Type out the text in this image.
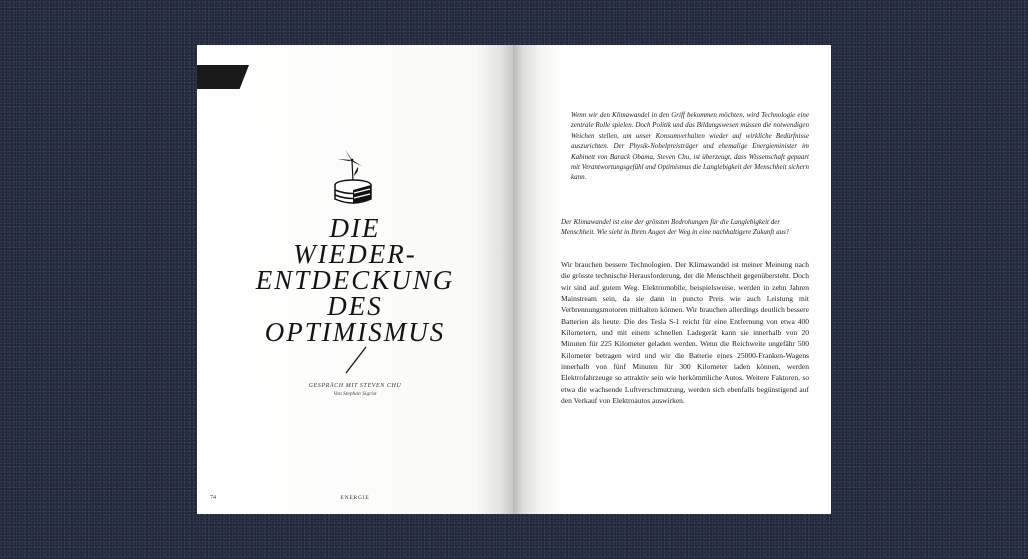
DIE
WIEDER-
ENTDECKUNG
DES
OPTIMISMUS
GESPRÄCH MIT STEVEN CHU
Von Stephan Sigrist
74	ENERGIE
Wenn wir den Klimawandel in den Griff bekommen möchten, wird Technologie eine zentrale Rolle spielen. Doch Politik und das Bildungswesen müssen die notwendigen Weichen stellen, um unser Konsumverhalten wieder auf wirkliche Bedürfnisse auszurichten. Der Physik-Nobelpreisträger und ehemalige Energieminister im Kabinett von Barack Obama, Steven Chu, ist überzeugt, dass Wissenschaft gepaart mit Verantwortungsgefühl und Optimismus die Langlebigkeit der Menschheit sichern kann.
Der Klimawandel ist eine der grössten Bedrohungen für die Langlebigkeit der Menschheit. Wie sieht in Ihren Augen der Weg in eine nachhaltigere Zukunft aus?
Wir brauchen bessere Technologien. Der Klimawandel ist meiner Meinung nach die grösste technische Herausforderung, der die Menschheit gegenübersteht. Doch wir sind auf gutem Weg. Elektromobile, beispielsweise, werden in zehn Jahren Mainstream sein, da sie dann in puncto Preis wie auch Leistung mit Verbrennungsmotoren mithalten können. Wir brauchen allerdings deutlich bessere Batterien als heute. Die des Tesla S-1 reicht für eine Entfernung von etwa 400 Kilometern, und mit einem schnellen Ladegerät kann sie innerhalb von 20 Minuten für 225 Kilometer geladen werden. Wenn die Reichweite ungefähr 500 Kilometer betragen wird und wir die Batterie eines 25000-Franken-Wagens innerhalb von fünf Minuten für 300 Kilometer laden können, werden Elektrofahrzeuge so attraktiv sein wie herkömmliche Autos. Weitere Faktoren, so etwa die wachsende Luftverschmutzung, werden sich ebenfalls begünstigend auf den Verkauf von Elektroautos auswirken.
